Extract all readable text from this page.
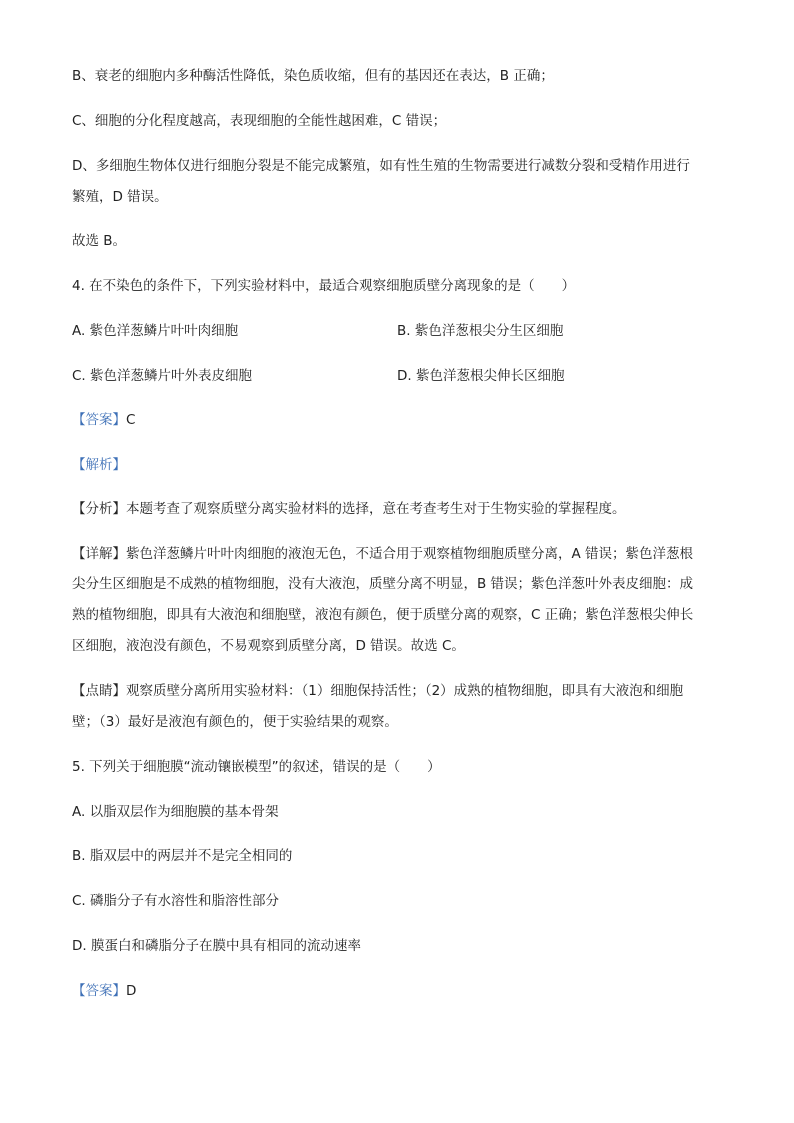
B、衰老的细胞内多种酶活性降低，染色质收缩，但有的基因还在表达，B 正确；
C、细胞的分化程度越高，表现细胞的全能性越困难，C 错误；
D、多细胞生物体仅进行细胞分裂是不能完成繁殖，如有性生殖的生物需要进行减数分裂和受精作用进行
繁殖，D 错误。
故选 B。
4. 在不染色的条件下，下列实验材料中，最适合观察细胞质壁分离现象的是（　　）
A. 紫色洋葱鳞片叶叶肉细胞	B. 紫色洋葱根尖分生区细胞
C. 紫色洋葱鳞片叶外表皮细胞	D. 紫色洋葱根尖伸长区细胞
【答案】C
【解析】
【分析】本题考查了观察质壁分离实验材料的选择，意在考查考生对于生物实验的掌握程度。
【详解】紫色洋葱鳞片叶叶肉细胞的液泡无色，不适合用于观察植物细胞质壁分离，A 错误；紫色洋葱根
尖分生区细胞是不成熟的植物细胞，没有大液泡，质壁分离不明显，B 错误；紫色洋葱叶外表皮细胞：成
熟的植物细胞，即具有大液泡和细胞壁，液泡有颜色，便于质壁分离的观察，C 正确；紫色洋葱根尖伸长
区细胞，液泡没有颜色，不易观察到质壁分离，D 错误。故选 C。
【点睛】观察质壁分离所用实验材料：（1）细胞保持活性；（2）成熟的植物细胞，即具有大液泡和细胞
壁；（3）最好是液泡有颜色的，便于实验结果的观察。
5. 下列关于细胞膜“流动镶嵌模型”的叙述，错误的是（　　）
A. 以脂双层作为细胞膜的基本骨架
B. 脂双层中的两层并不是完全相同的
C. 磷脂分子有水溶性和脂溶性部分
D. 膜蛋白和磷脂分子在膜中具有相同的流动速率
【答案】D
